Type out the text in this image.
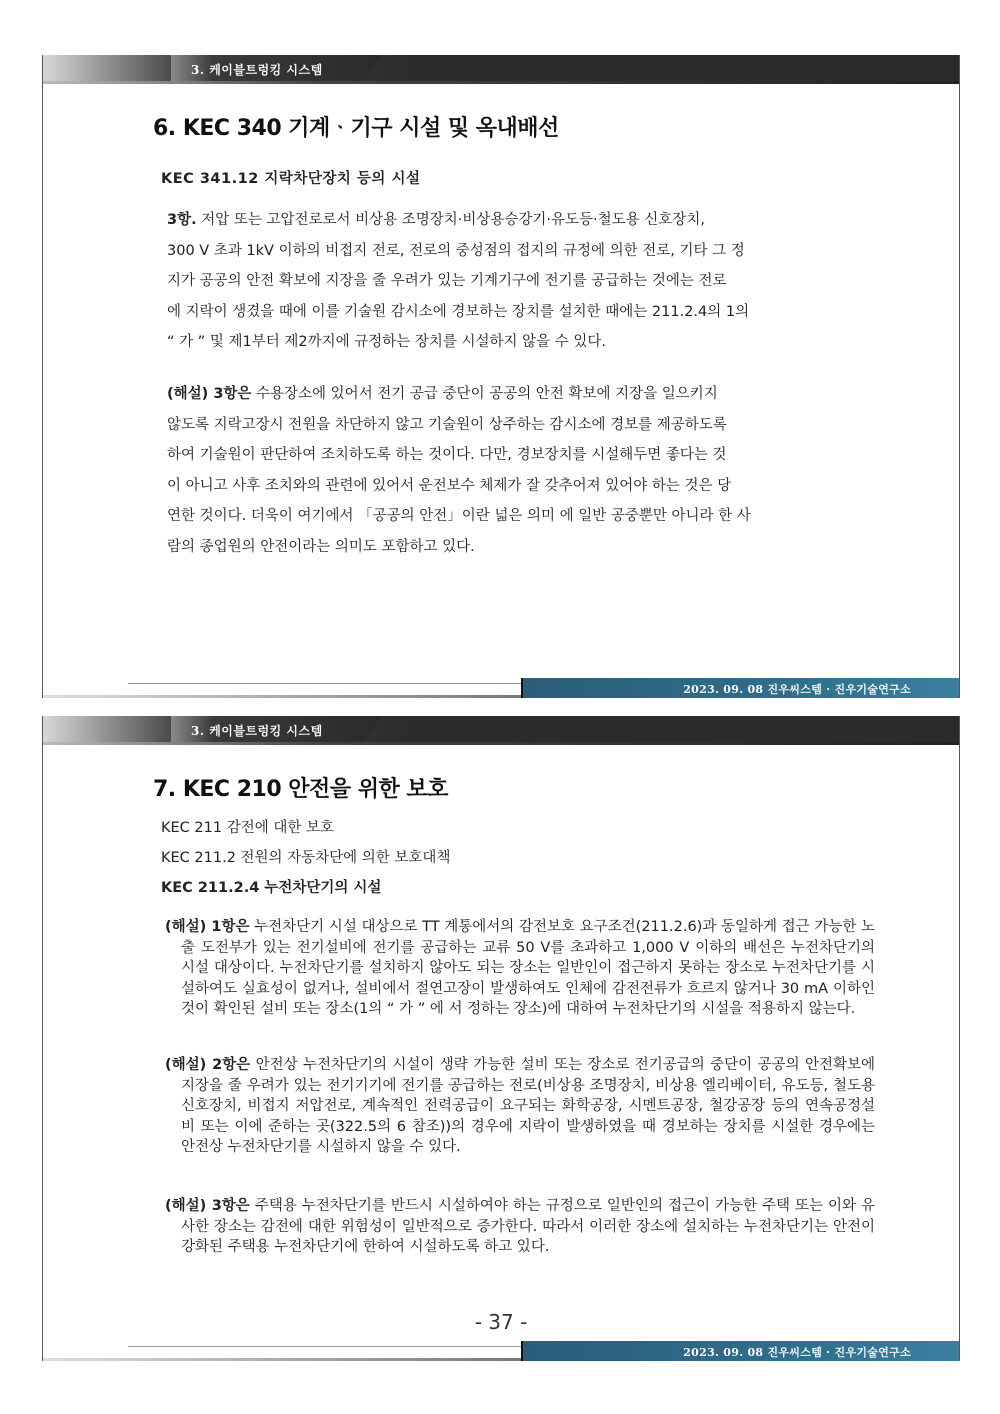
3. 케이블트렁킹 시스템
6. KEC 340 기계ᆞ기구 시설 및 옥내배선
KEC 341.12 지락차단장치 등의 시설
3항. 저압 또는 고압전로로서 비상용 조명장치·비상용승강기·유도등·철도용 신호장치,
300 V 초과 1kV 이하의 비접지 전로, 전로의 중성점의 접지의 규정에 의한 전로, 기타 그 정
지가 공공의 안전 확보에 지장을 줄 우려가 있는 기계기구에 전기를 공급하는 것에는 전로
에 지락이 생겼을 때에 이를 기술원 감시소에 경보하는 장치를 설치한 때에는 211.2.4의 1의
“ 가 ” 및 제1부터 제2까지에 규정하는 장치를 시설하지 않을 수 있다.
(해설) 3항은 수용장소에 있어서 전기 공급 중단이 공공의 안전 확보에 지장을 일으키지
않도록 지락고장시 전원을 차단하지 않고 기술원이 상주하는 감시소에 경보를 제공하도록
하여 기술원이 판단하여 조치하도록 하는 것이다. 다만, 경보장치를 시설해두면 좋다는 것
이 아니고 사후 조치와의 관련에 있어서 운전보수 체제가 잘 갖추어져 있어야 하는 것은 당
연한 것이다. 더욱이 여기에서 「공공의 안전」이란 넓은 의미 에 일반 공중뿐만 아니라 한 사
람의 종업원의 안전이라는 의미도 포함하고 있다.
2023. 09. 08 진우씨스템 · 진우기술연구소
3. 케이블트렁킹 시스템
7. KEC 210 안전을 위한 보호
KEC 211 감전에 대한 보호
KEC 211.2 전원의 자동차단에 의한 보호대책
KEC 211.2.4 누전차단기의 시설
(해설) 1항은 누전차단기 시설 대상으로 TT 계통에서의 감전보호 요구조건(211.2.6)과 동일하게 접근 가능한 노출 도전부가 있는 전기설비에 전기를 공급하는 교류 50 V를 초과하고 1,000 V 이하의 배선은 누전차단기의 시설 대상이다. 누전차단기를 설치하지 않아도 되는 장소는 일반인이 접근하지 못하는 장소로 누전차단기를 시설하여도 실효성이 없거나, 설비에서 절연고장이 발생하여도 인체에 감전전류가 흐르지 않거나 30 mA 이하인 것이 확인된 설비 또는 장소(1의 “ 가 ” 에 서 정하는 장소)에 대하여 누전차단기의 시설을 적용하지 않는다.
(해설) 2항은 안전상 누전차단기의 시설이 생략 가능한 설비 또는 장소로 전기공급의 중단이 공공의 안전확보에 지장을 줄 우려가 있는 전기기기에 전기를 공급하는 전로(비상용 조명장치, 비상용 엘리베이터, 유도등, 철도용 신호장치, 비접지 저압전로, 계속적인 전력공급이 요구되는 화학공장, 시멘트공장, 철강공장 등의 연속공정설비 또는 이에 준하는 곳(322.5의 6 참조))의 경우에 지락이 발생하였을 때 경보하는 장치를 시설한 경우에는 안전상 누전차단기를 시설하지 않을 수 있다.
(해설) 3항은 주택용 누전차단기를 반드시 시설하여야 하는 규정으로 일반인의 접근이 가능한 주택 또는 이와 유사한 장소는 감전에 대한 위험성이 일반적으로 증가한다. 따라서 이러한 장소에 설치하는 누전차단기는 안전이 강화된 주택용 누전차단기에 한하여 시설하도록 하고 있다.
- 37 -
2023. 09. 08 진우씨스템 · 진우기술연구소
